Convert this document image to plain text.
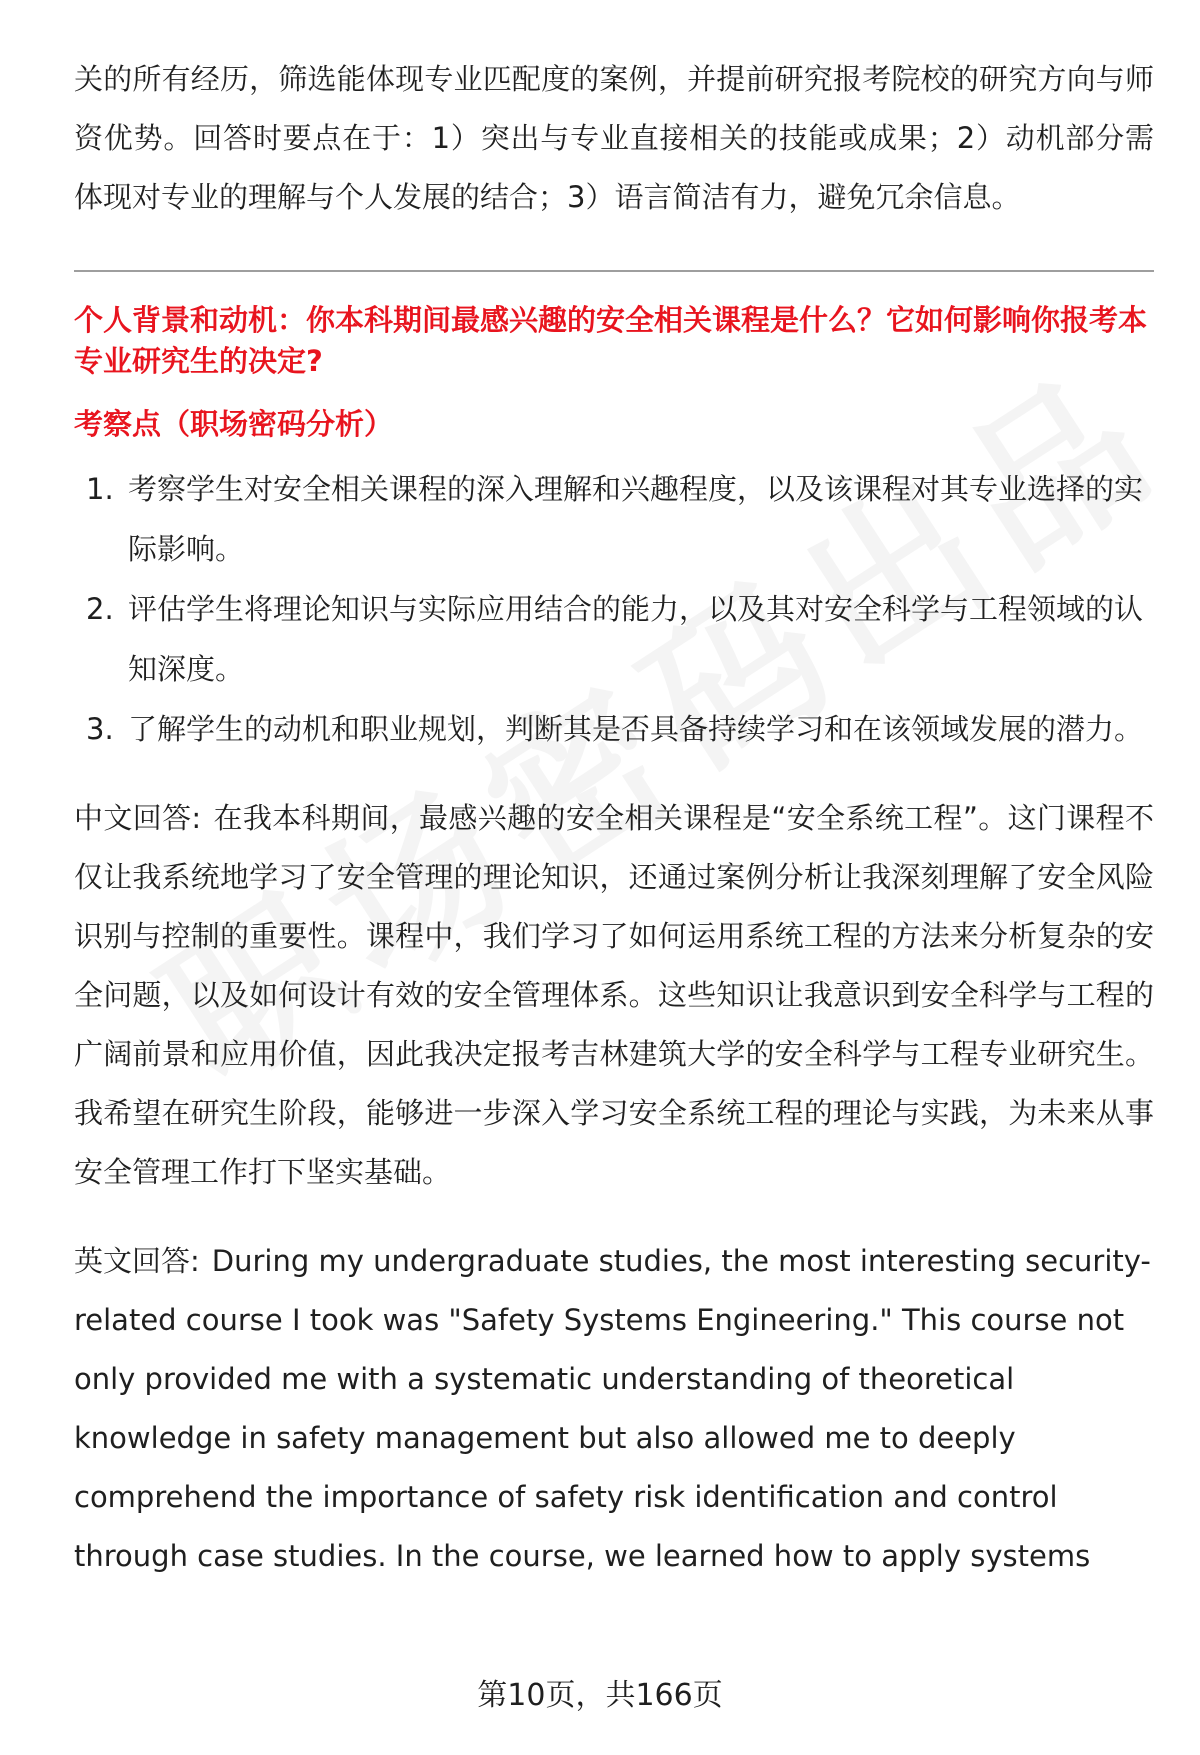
关的所有经历，筛选能体现专业匹配度的案例，并提前研究报考院校的研究方向与师资优势。回答时要点在于：1）突出与专业直接相关的技能或成果；2）动机部分需体现对专业的理解与个人发展的结合；3）语言简洁有力，避免冗余信息。

个人背景和动机：你本科期间最感兴趣的安全相关课程是什么？它如何影响你报考本专业研究生的决定?

考察点（职场密码分析）

1. 考察学生对安全相关课程的深入理解和兴趣程度，以及该课程对其专业选择的实际影响。
2. 评估学生将理论知识与实际应用结合的能力，以及其对安全科学与工程领域的认知深度。
3. 了解学生的动机和职业规划，判断其是否具备持续学习和在该领域发展的潜力。

中文回答: 在我本科期间，最感兴趣的安全相关课程是“安全系统工程”。这门课程不仅让我系统地学习了安全管理的理论知识，还通过案例分析让我深刻理解了安全风险识别与控制的重要性。课程中，我们学习了如何运用系统工程的方法来分析复杂的安全问题，以及如何设计有效的安全管理体系。这些知识让我意识到安全科学与工程的广阔前景和应用价值，因此我决定报考吉林建筑大学的安全科学与工程专业研究生。我希望在研究生阶段，能够进一步深入学习安全系统工程的理论与实践，为未来从事安全管理工作打下坚实基础。

英文回答: During my undergraduate studies, the most interesting security-related course I took was "Safety Systems Engineering." This course not only provided me with a systematic understanding of theoretical knowledge in safety management but also allowed me to deeply comprehend the importance of safety risk identification and control through case studies. In the course, we learned how to apply systems

第10页，共166页
